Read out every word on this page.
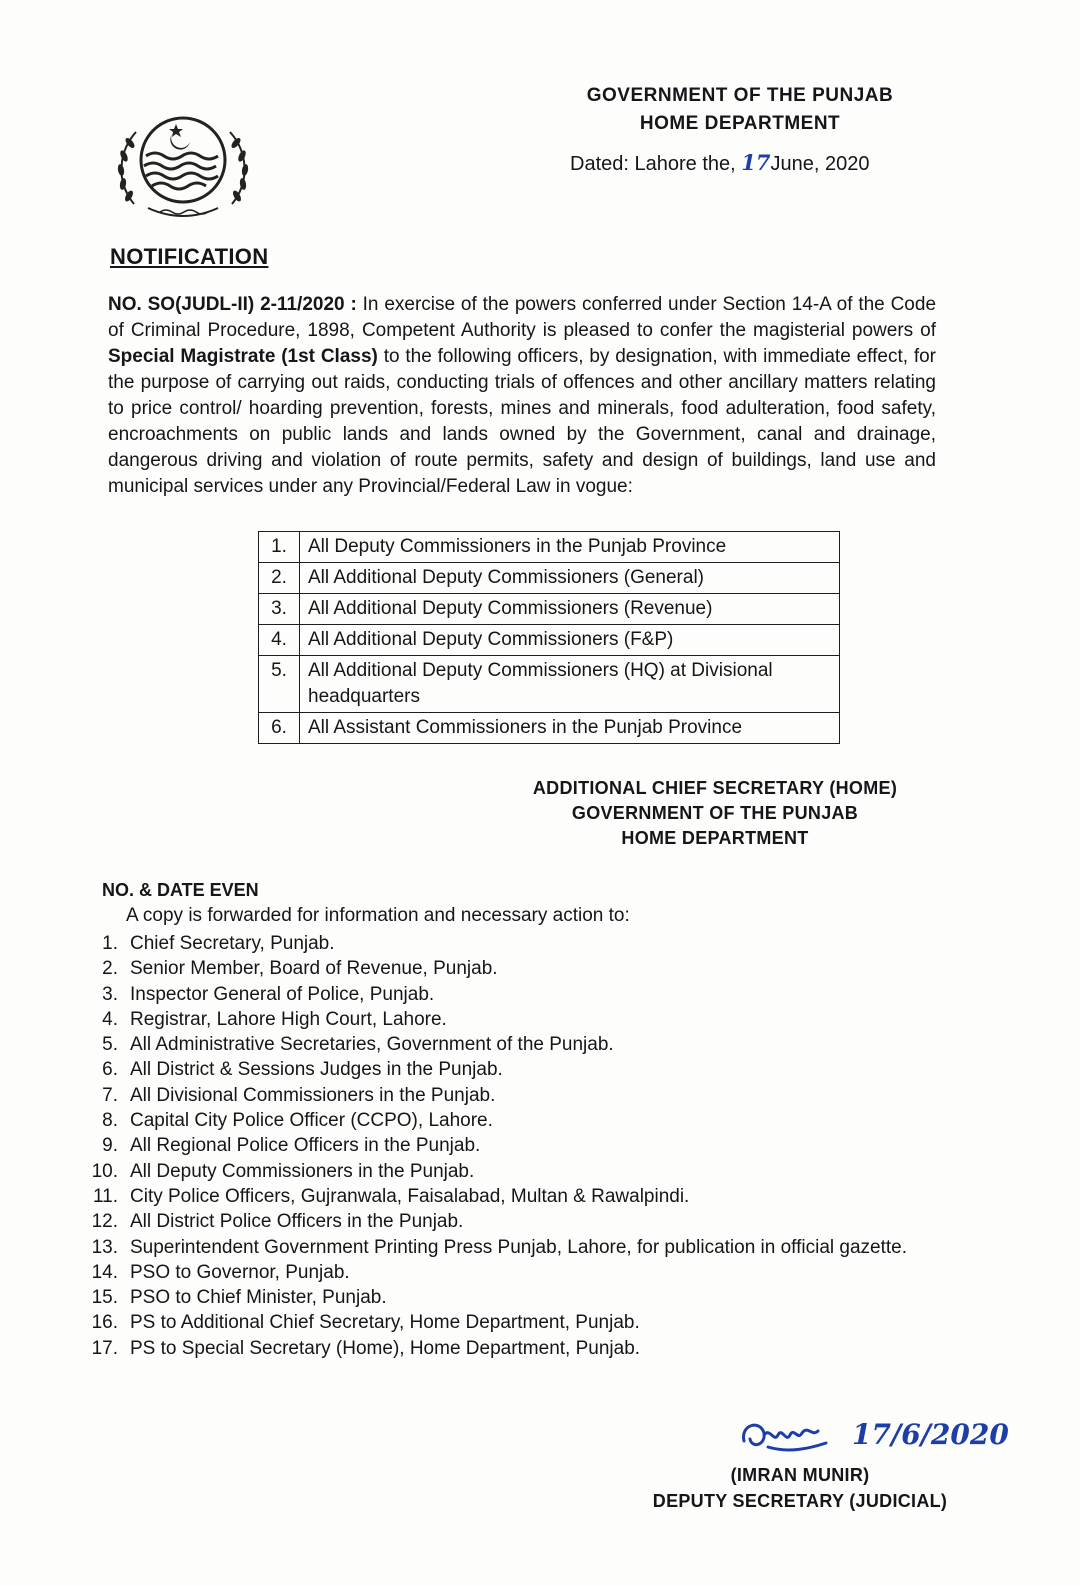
GOVERNMENT OF THE PUNJAB
HOME DEPARTMENT
Dated: Lahore the, 17June, 2020
NOTIFICATION

NO. SO(JUDL-II) 2-11/2020 : In exercise of the powers conferred under Section 14-A of the Code of Criminal Procedure, 1898, Competent Authority is pleased to confer the magisterial powers of Special Magistrate (1st Class) to the following officers, by designation, with immediate effect, for the purpose of carrying out raids, conducting trials of offences and other ancillary matters relating to price control/ hoarding prevention, forests, mines and minerals, food adulteration, food safety, encroachments on public lands and lands owned by the Government, canal and drainage, dangerous driving and violation of route permits, safety and design of buildings, land use and municipal services under any Provincial/Federal Law in vogue:
1.	All Deputy Commissioners in the Punjab Province
2.	All Additional Deputy Commissioners (General)
3.	All Additional Deputy Commissioners (Revenue)
4.	All Additional Deputy Commissioners (F&P)
5.	All Additional Deputy Commissioners (HQ) at Divisional headquarters
6.	All Assistant Commissioners in the Punjab Province
ADDITIONAL CHIEF SECRETARY (HOME)
GOVERNMENT OF THE PUNJAB
HOME DEPARTMENT
NO. & DATE EVEN
A copy is forwarded for information and necessary action to:
1. Chief Secretary, Punjab.
2. Senior Member, Board of Revenue, Punjab.
3. Inspector General of Police, Punjab.
4. Registrar, Lahore High Court, Lahore.
5. All Administrative Secretaries, Government of the Punjab.
6. All District & Sessions Judges in the Punjab.
7. All Divisional Commissioners in the Punjab.
8. Capital City Police Officer (CCPO), Lahore.
9. All Regional Police Officers in the Punjab.
10. All Deputy Commissioners in the Punjab.
11. City Police Officers, Gujranwala, Faisalabad, Multan & Rawalpindi.
12. All District Police Officers in the Punjab.
13. Superintendent Government Printing Press Punjab, Lahore, for publication in official gazette.
14. PSO to Governor, Punjab.
15. PSO to Chief Minister, Punjab.
16. PS to Additional Chief Secretary, Home Department, Punjab.
17. PS to Special Secretary (Home), Home Department, Punjab.
17/6/2020
(IMRAN MUNIR)
DEPUTY SECRETARY (JUDICIAL)
